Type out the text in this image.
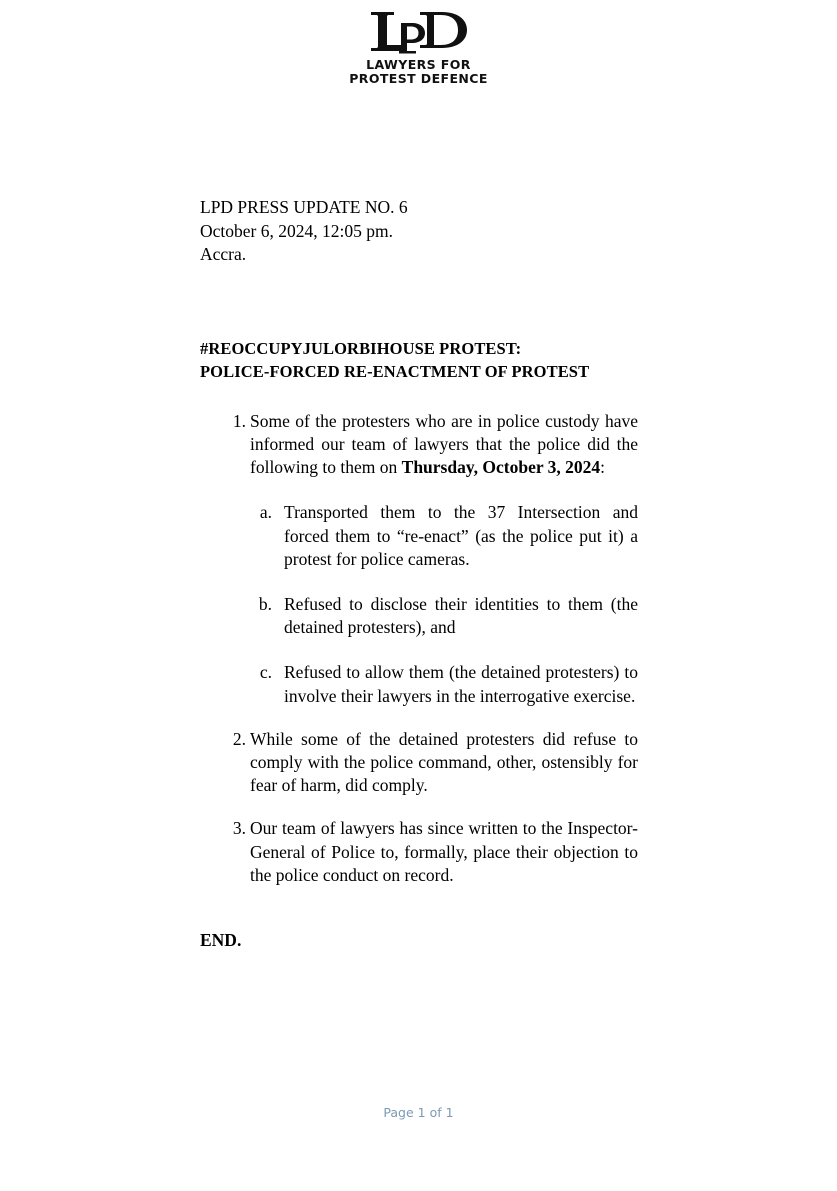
LAWYERS FOR
PROTEST DEFENCE
LPD PRESS UPDATE NO. 6
October 6, 2024, 12:05 pm.
Accra.
#REOCCUPYJULORBIHOUSE PROTEST:
POLICE-FORCED RE-ENACTMENT OF PROTEST
1. Some of the protesters who are in police custody have informed our team of lawyers that the police did the following to them on Thursday, October 3, 2024:
a. Transported them to the 37 Intersection and forced them to “re-enact” (as the police put it) a protest for police cameras.
b. Refused to disclose their identities to them (the detained protesters), and
c. Refused to allow them (the detained protesters) to involve their lawyers in the interrogative exercise.
2. While some of the detained protesters did refuse to comply with the police command, other, ostensibly for fear of harm, did comply.
3. Our team of lawyers has since written to the Inspector-General of Police to, formally, place their objection to the police conduct on record.
END.
Page 1 of 1
